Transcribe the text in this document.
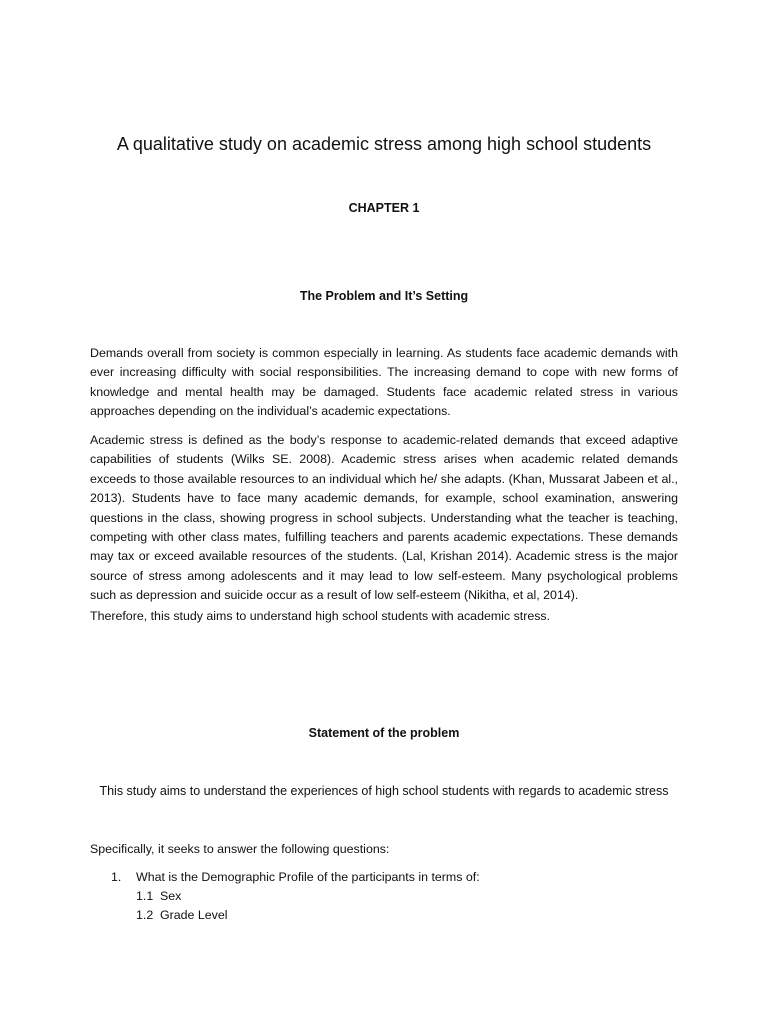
A qualitative study on academic stress among high school students
CHAPTER 1
The Problem and It’s Setting
Demands overall from society is common especially in learning. As students face academic demands with ever increasing difficulty with social responsibilities. The increasing demand to cope with new forms of knowledge and mental health may be damaged. Students face academic related stress in various approaches depending on the individual’s academic expectations.
Academic stress is defined as the body’s response to academic-related demands that exceed adaptive capabilities of students (Wilks SE. 2008). Academic stress arises when academic related demands exceeds to those available resources to an individual which he/ she adapts. (Khan, Mussarat Jabeen et al., 2013). Students have to face many academic demands, for example, school examination, answering questions in the class, showing progress in school subjects. Understanding what the teacher is teaching, competing with other class mates, fulfilling teachers and parents academic expectations. These demands may tax or exceed available resources of the students. (Lal, Krishan 2014). Academic stress is the major source of stress among adolescents and it may lead to low self-esteem. Many psychological problems such as depression and suicide occur as a result of low self-esteem (Nikitha, et al, 2014).
Therefore, this study aims to understand high school students with academic stress.
Statement of the problem
This study aims to understand the experiences of high school students with regards to academic stress
Specifically, it seeks to answer the following questions:
1. What is the Demographic Profile of the participants in terms of:
1.1 Sex
1.2 Grade Level
